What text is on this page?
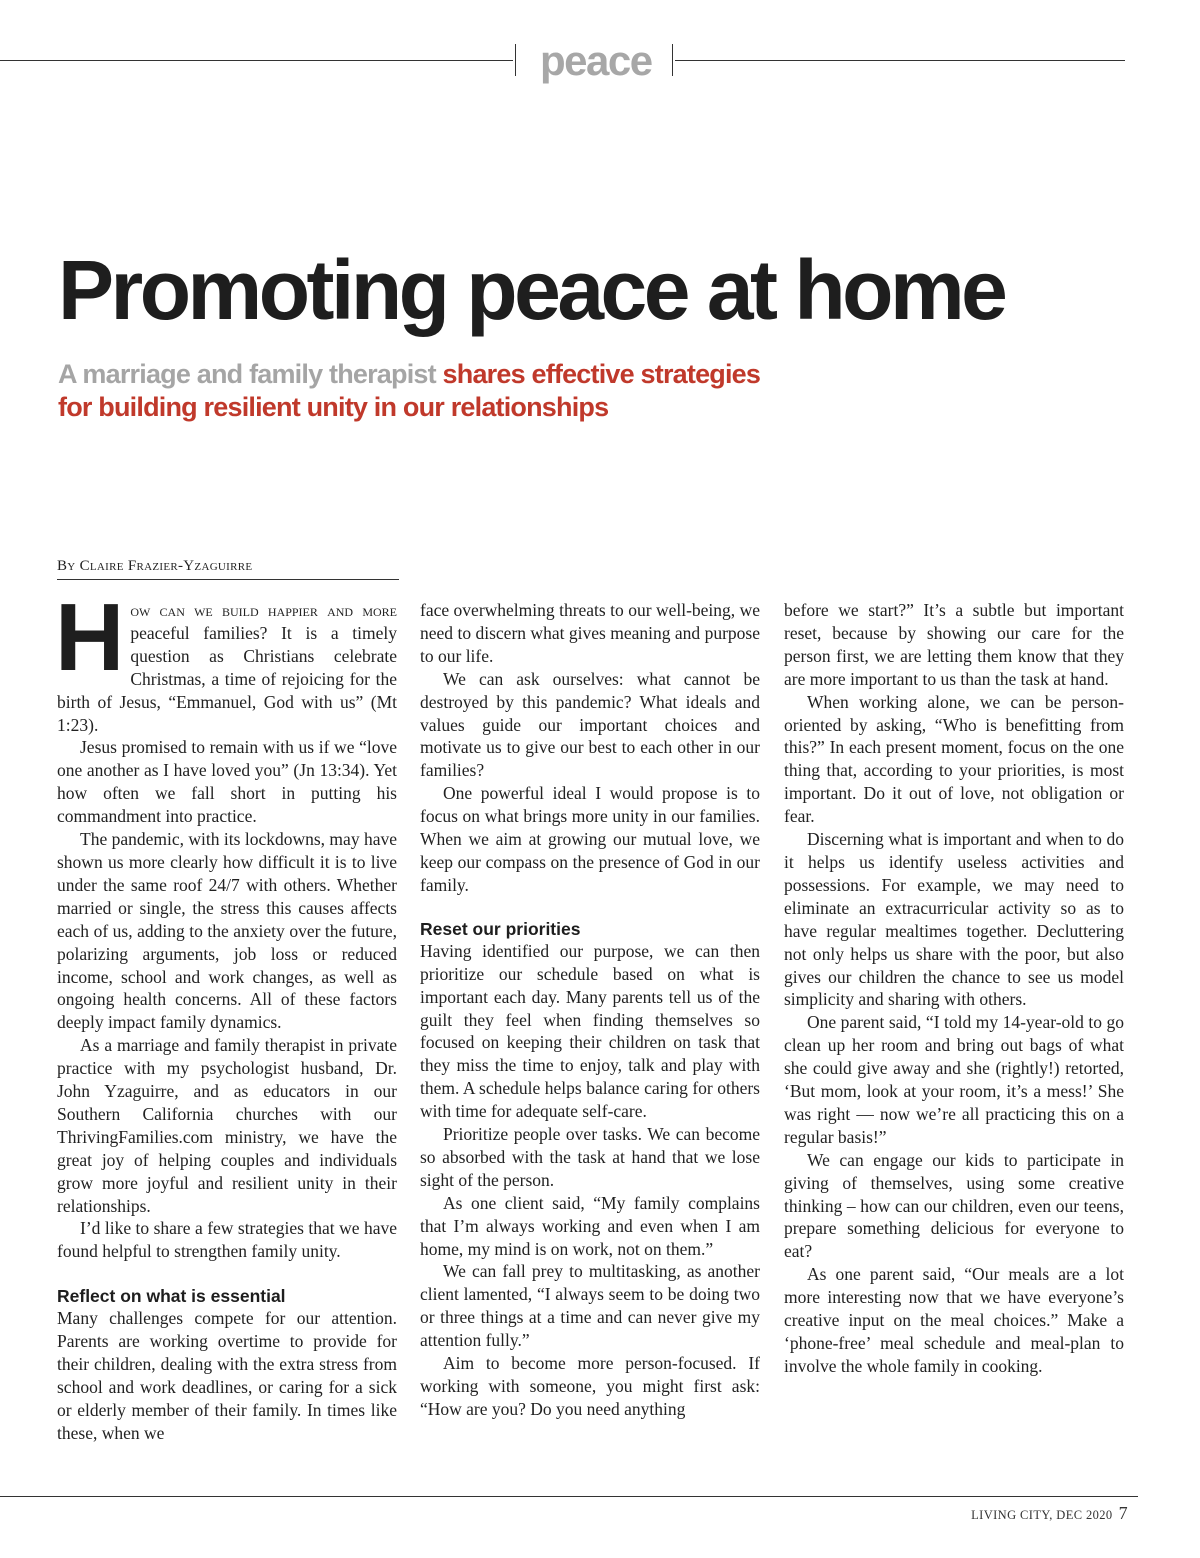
peace
Promoting peace at home
A marriage and family therapist shares effective strategies
for building resilient unity in our relationships
By Claire Frazier-Yzaguirre

How can we build happier and more peaceful families? It is a timely question as Christians celebrate Christmas, a time of rejoicing for the birth of Jesus, “Emmanuel, God with us” (Mt 1:23).

Jesus promised to remain with us if we “love one another as I have loved you” (Jn 13:34). Yet how often we fall short in putting his commandment into practice.

The pandemic, with its lockdowns, may have shown us more clearly how difficult it is to live under the same roof 24/7 with others. Whether married or single, the stress this causes affects each of us, adding to the anxiety over the future, polarizing arguments, job loss or reduced income, school and work changes, as well as ongoing health concerns. All of these factors deeply impact family dynamics.

As a marriage and family therapist in private practice with my psychologist husband, Dr. John Yzaguirre, and as educators in our Southern California churches with our ThrivingFamilies.com ministry, we have the great joy of helping couples and individuals grow more joyful and resilient unity in their relationships.

I’d like to share a few strategies that we have found helpful to strengthen family unity.

Reflect on what is essential

Many challenges compete for our attention. Parents are working overtime to provide for their children, dealing with the extra stress from school and work deadlines, or caring for a sick or elderly member of their family. In times like these, when we

face overwhelming threats to our well-being, we need to discern what gives meaning and purpose to our life.

We can ask ourselves: what cannot be destroyed by this pandemic? What ideals and values guide our important choices and motivate us to give our best to each other in our families?

One powerful ideal I would propose is to focus on what brings more unity in our families. When we aim at growing our mutual love, we keep our compass on the presence of God in our family.

Reset our priorities

Having identified our purpose, we can then prioritize our schedule based on what is important each day. Many parents tell us of the guilt they feel when finding themselves so focused on keeping their children on task that they miss the time to enjoy, talk and play with them. A schedule helps balance caring for others with time for adequate self-care.

Prioritize people over tasks. We can become so absorbed with the task at hand that we lose sight of the person.

As one client said, “My family complains that I’m always working and even when I am home, my mind is on work, not on them.”

We can fall prey to multitasking, as another client lamented, “I always seem to be doing two or three things at a time and can never give my attention fully.”

Aim to become more person-focused. If working with someone, you might first ask: “How are you? Do you need anything

before we start?” It’s a subtle but important reset, because by showing our care for the person first, we are letting them know that they are more important to us than the task at hand.

When working alone, we can be person-oriented by asking, “Who is benefitting from this?” In each present moment, focus on the one thing that, according to your priorities, is most important. Do it out of love, not obligation or fear.

Discerning what is important and when to do it helps us identify useless activities and possessions. For example, we may need to eliminate an extracurricular activity so as to have regular mealtimes together. Decluttering not only helps us share with the poor, but also gives our children the chance to see us model simplicity and sharing with others.

One parent said, “I told my 14-year-old to go clean up her room and bring out bags of what she could give away and she (rightly!) retorted, ‘But mom, look at your room, it’s a mess!’ She was right — now we’re all practicing this on a regular basis!”

We can engage our kids to participate in giving of themselves, using some creative thinking – how can our children, even our teens, prepare something delicious for everyone to eat?

As one parent said, “Our meals are a lot more interesting now that we have everyone’s creative input on the meal choices.” Make a ‘phone-free’ meal schedule and meal-plan to involve the whole family in cooking.

LIVING CITY, DEC 2020 7
